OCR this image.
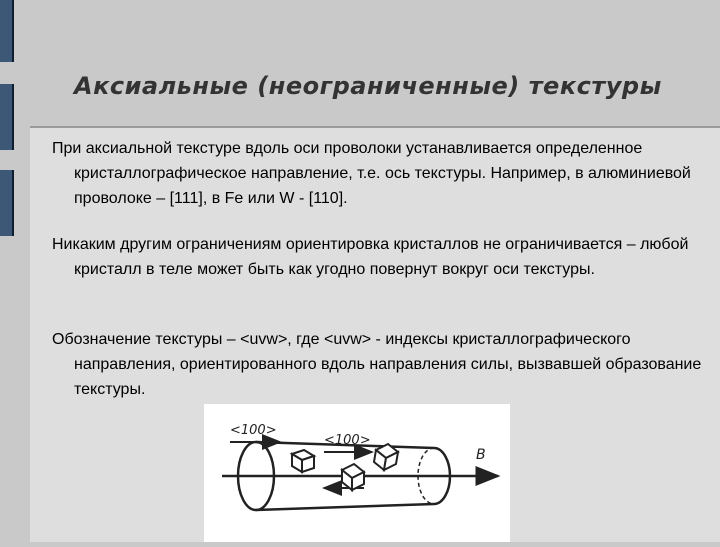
Аксиальные (неограниченные) текстуры
При аксиальной текстуре вдоль оси проволоки устанавливается определенное кристаллографическое направление, т.е. ось текстуры. Например, в алюминиевой проволоке – [111], в Fe или W - [110].
Никаким другим ограничениям ориентировка кристаллов не ограничивается – любой кристалл в теле может быть как угодно повернут вокруг оси текстуры.
Обозначение текстуры – <uvw>, где <uvw> - индексы кристаллографического направления, ориентированного вдоль направления силы, вызвавшей образование текстуры.
<100>
<100>
B
